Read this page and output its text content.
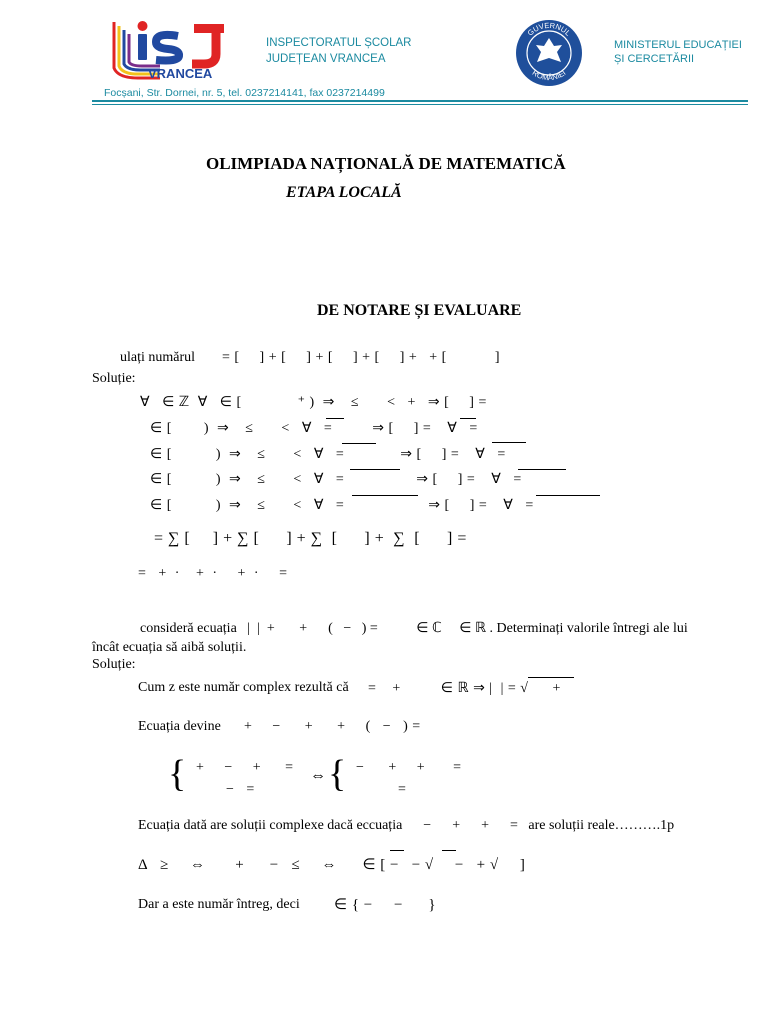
VRANCEA
INSPECTORATUL ȘCOLAR
JUDEȚEAN VRANCEA
GUVERNUL
ROMÂNIEI
MINISTERUL EDUCAȚIEI
ȘI CERCETĂRII
Focșani, Str. Dornei, nr. 5, tel. 0237214141, fax 0237214499
OLIMPIADA NAȚIONALĂ DE MATEMATICĂ
ETAPA LOCALĂ
DE NOTARE ȘI EVALUARE
ulați numărul = [     ] + [     ] + [     ] + [     ] +   + [            ]
Soluție:
∀   ∈ ℤ  ∀   ∈ [              ⁺ )  ⇒    ≤       <   +   ⇒ [     ] =
∈ [        )  ⇒    ≤       <   ∀   =          ⇒ [     ] =    ∀   =
∈ [           )  ⇒    ≤       <   ∀   =              ⇒ [     ] =    ∀   =
∈ [           )  ⇒    ≤       <   ∀   =                  ⇒ [     ] =    ∀   =
∈ [           )  ⇒    ≤       <   ∀   =                     ⇒ [     ] =    ∀   =
= ∑ [     ] + ∑ [      ] + ∑  [      ] +  ∑  [      ] =
=   +  ·    +  ·     +  ·     =
consideră ecuația   |  |  +       +      (   −   ) =           ∈ ℂ     ∈ ℝ . Determinați valorile întregi ale lui
încât ecuația să aibă soluții.
Soluție:
Cum z este număr complex rezultă că =    +          ∈ ℝ ⇒ |  | = √      +
Ecuația devine +     −      +      +     (   −   ) =
{ +     −     +      =
−   =
⇔ { −      +     +       =
=
Ecuația dată are soluții complexe dacă eccuația      −      +      +      =   are soluții reale……….1p
Δ   ≥     ⇔       +      −   ≤     ⇔      ∈ [ −   − √     −   + √     ]
Dar a este număr întreg, deci ∈ { −     −      }
